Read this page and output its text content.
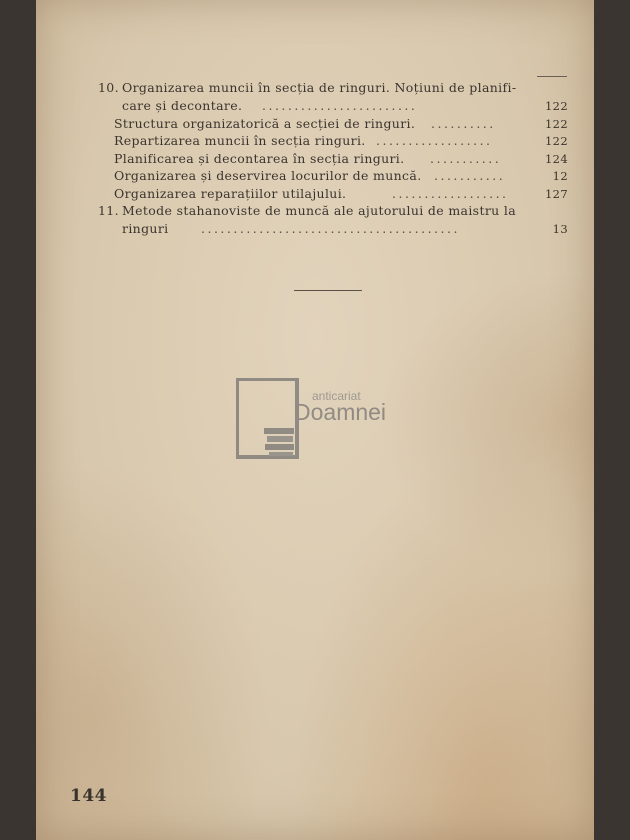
10. Organizarea muncii în secția de ringuri. Noțiuni de planifi-
care și decontare. ........................	122
Structura organizatorică a secției de ringuri. ..........	122
Repartizarea muncii în secția ringuri. ..................	122
Planificarea și decontarea în secția ringuri. ...........	124
Organizarea și deservirea locurilor de muncă. ...........	12
Organizarea reparațiilor utilajului.	..................	127
11. Metode stahanoviste de muncă ale ajutorului de maistru la
ringuri	........................................	13
anticariat
Doamnei
144
